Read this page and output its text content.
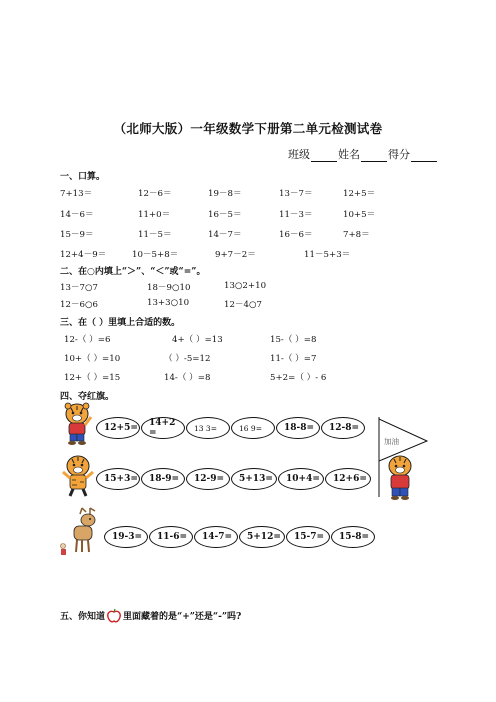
（北师大版）一年级数学下册第二单元检测试卷
班级	姓名	得分
一、口算。
7+13＝	12－6＝	19－8＝	13－7＝	12+5＝
14－6＝	11+0＝	16－5＝	11－3＝	10+5＝
15－9＝	11－5＝	14－7＝	16－6＝	7+8＝
12+4－9＝	10－5+8＝	9+7－2＝	11－5+3＝
二、在○内填上“＞”、“＜”或“=”。
13－7○7	18－9○10	13○2+10
12－6○6	13+3○10	12－4○7
三、在（ ）里填上合适的数。
12-（ ）=6	4+（ ）=13	15-（ ）=8
10+（ ）=10	（ ）-5=12	11-（ ）=7
12+（ ）=15	14-（ ）=8	5+2=（ ）- 6
四、夺红旗。
12+5=	14+2 =	13 3=	16 9=	18-8=	12-8=
加油
15+3=	18-9=	12-9=	5+13=	10+4=	12+6=
19-3=	11-6=	14-7=	5+12=	15-7=	15-8=
五、你知道 里面藏着的是“+”还是“-”吗?
